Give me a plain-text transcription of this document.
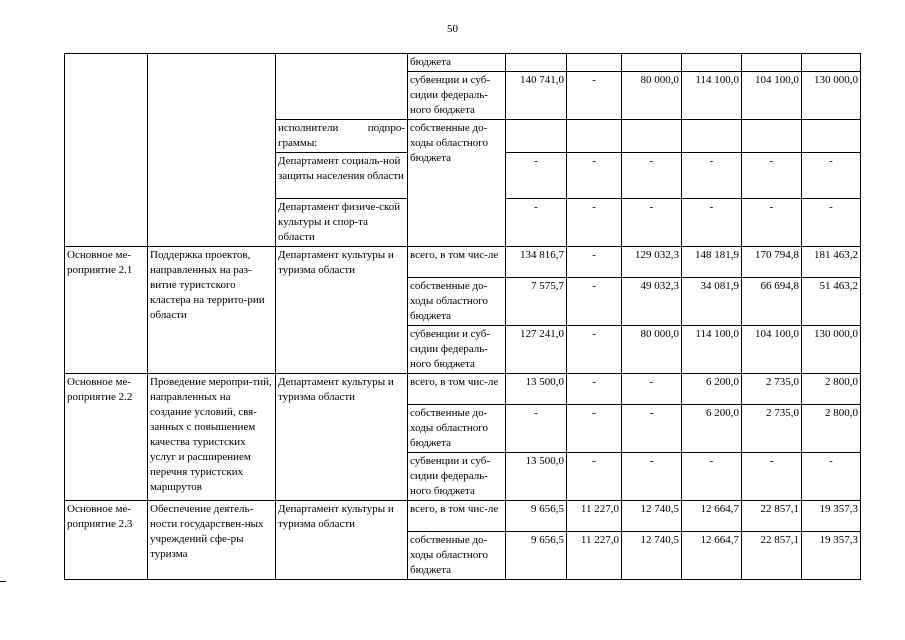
50
			бюджета						
			субвенции и суб-сидии федераль-ного бюджета	140 741,0	-	80 000,0	114 100,0	104 100,0	130 000,0

		исполнители подпро-граммы:	собственные до-ходы областного бюджета						
		Департамент социаль-ной защиты населения области		-	-	-	-	-	-

		Департамент физиче-ской культуры и спор-та области		-	-	-	-	-	-

Основное ме-роприятие 2.1	Поддержка проектов, направленных на раз-витие туристского кластера на террито-рии области	Департамент культуры и туризма области	всего, в том чис-ле	134 816,7	-	129 032,3	148 181,9	170 794,8	181 463,2
			собственные до-ходы областного бюджета	7 575,7	-	49 032,3	34 081,9	66 694,8	51 463,2
			субвенции и суб-сидии федераль-ного бюджета	127 241,0	-	80 000,0	114 100,0	104 100,0	130 000,0
Основное ме-роприятие 2.2	Проведение меропри-тий, направленных на создание условий, свя-занных с повышением качества туристских услуг и расширением перечня туристских маршрутов	Департамент культуры и туризма области	всего, в том чис-ле	13 500,0	-	-	6 200,0	2 735,0	2 800,0
			собственные до-ходы областного бюджета	-	-	-	6 200,0	2 735,0	2 800,0
			субвенции и суб-сидии федераль-ного бюджета	13 500,0	-	-	-	-	-
Основное ме-роприятие 2.3	Обеспечение деятель-ности государствен-ных учреждений сфе-ры туризма	Департамент культуры и туризма области	всего, в том чис-ле	9 656,5	11 227,0	12 740,5	12 664,7	22 857,1	19 357,3
			собственные до-ходы областного бюджета	9 656,5	11 227,0	12 740,5	12 664,7	22 857,1	19 357,3
